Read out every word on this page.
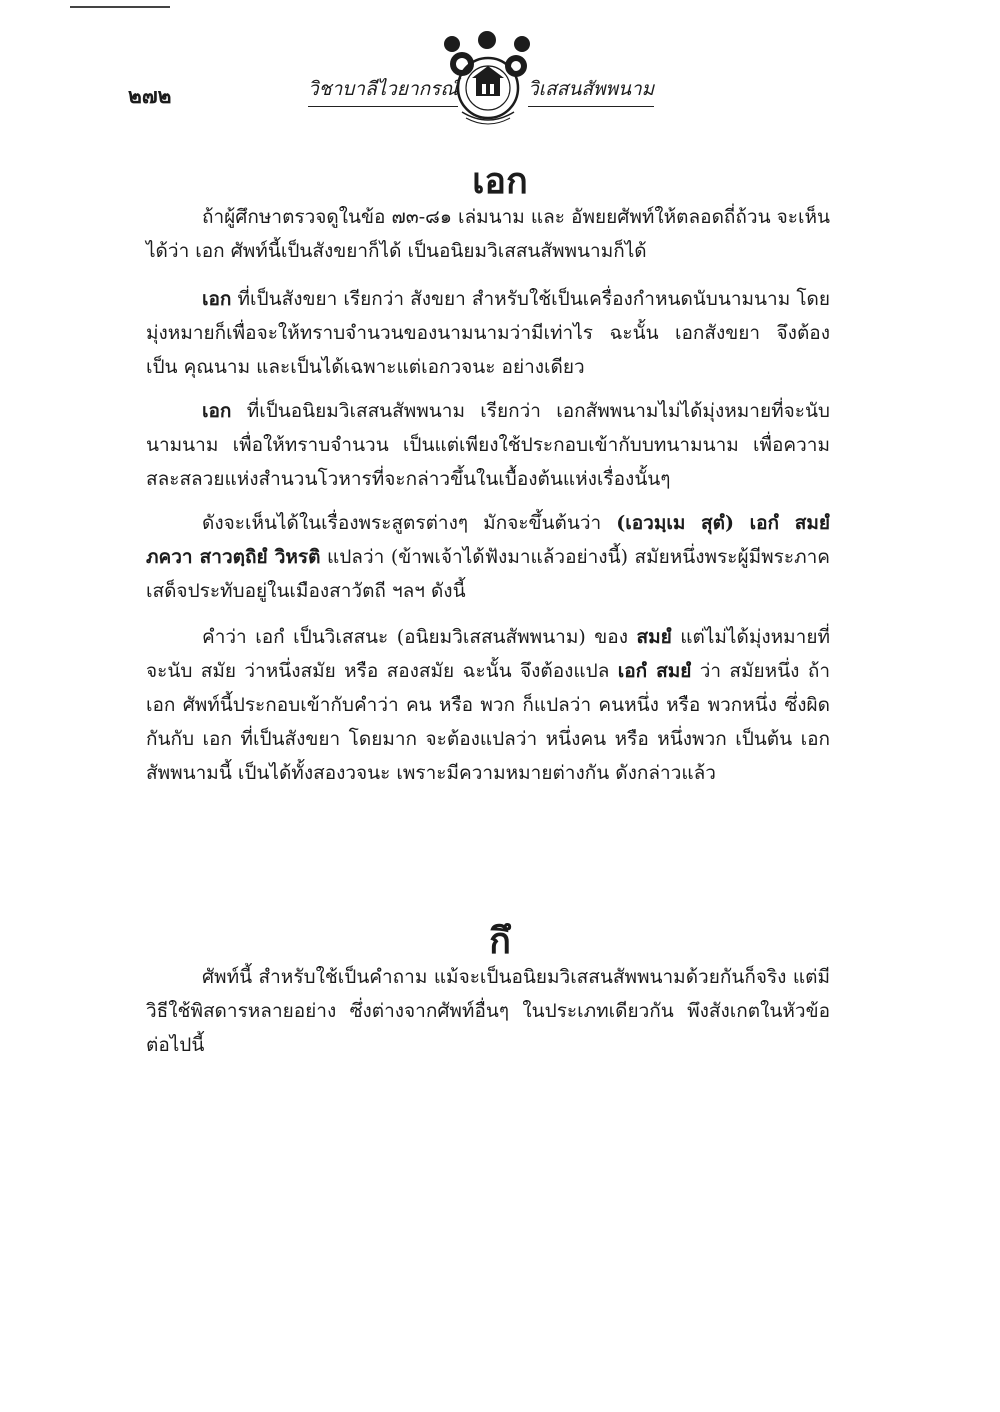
๒๗๒	วิชาบาลีไวยากรณ์	วิเสสนสัพพนาม
เอก

ถ้าผู้ศึกษาตรวจดูในข้อ ๗๓-๘๑ เล่มนาม และ อัพยยศัพท์ให้ตลอดถี่ถ้วน จะเห็นได้ว่า เอก ศัพท์นี้เป็นสังขยาก็ได้ เป็นอนิยมวิเสสนสัพพนามก็ได้

เอก ที่เป็นสังขยา เรียกว่า สังขยา สำหรับใช้เป็นเครื่องกำหนดนับนามนาม โดยมุ่งหมายก็เพื่อจะให้ทราบจำนวนของนามนามว่ามีเท่าไร ฉะนั้น เอกสังขยา จึงต้องเป็น คุณนาม และเป็นได้เฉพาะแต่เอกวจนะ อย่างเดียว

เอก ที่เป็นอนิยมวิเสสนสัพพนาม เรียกว่า เอกสัพพนามไม่ได้มุ่งหมายที่จะนับนามนาม เพื่อให้ทราบจำนวน เป็นแต่เพียงใช้ประกอบเข้ากับบทนามนาม เพื่อความสละสลวยแห่งสำนวนโวหารที่จะกล่าวขึ้นในเบื้องต้นแห่งเรื่องนั้นๆ

ดังจะเห็นได้ในเรื่องพระสูตรต่างๆ มักจะขึ้นต้นว่า (เอวมฺเม สุตํ) เอกํ สมยํ ภควา สาวตฺถิยํ วิหรติ แปลว่า (ข้าพเจ้าได้ฟังมาแล้วอย่างนี้) สมัยหนึ่งพระผู้มีพระภาค เสด็จประทับอยู่ในเมืองสาวัตถี ฯลฯ ดังนี้

คำว่า เอกํ เป็นวิเสสนะ (อนิยมวิเสสนสัพพนาม) ของ สมยํ แต่ไม่ได้มุ่งหมายที่จะนับ สมัย ว่าหนึ่งสมัย หรือ สองสมัย ฉะนั้น จึงต้องแปล เอกํ สมยํ ว่า สมัยหนึ่ง ถ้า เอก ศัพท์นี้ประกอบเข้ากับคำว่า คน หรือ พวก ก็แปลว่า คนหนึ่ง หรือ พวกหนึ่ง ซึ่งผิดกันกับ เอก ที่เป็นสังขยา โดยมาก จะต้องแปลว่า หนึ่งคน หรือ หนึ่งพวก เป็นต้น เอกสัพพนามนี้ เป็นได้ทั้งสองวจนะ เพราะมีความหมายต่างกัน ดังกล่าวแล้ว

กึ

ศัพท์นี้ สำหรับใช้เป็นคำถาม แม้จะเป็นอนิยมวิเสสนสัพพนามด้วยกันก็จริง แต่มีวิธีใช้พิสดารหลายอย่าง ซึ่งต่างจากศัพท์อื่นๆ ในประเภทเดียวกัน พึงสังเกตในหัวข้อต่อไปนี้
